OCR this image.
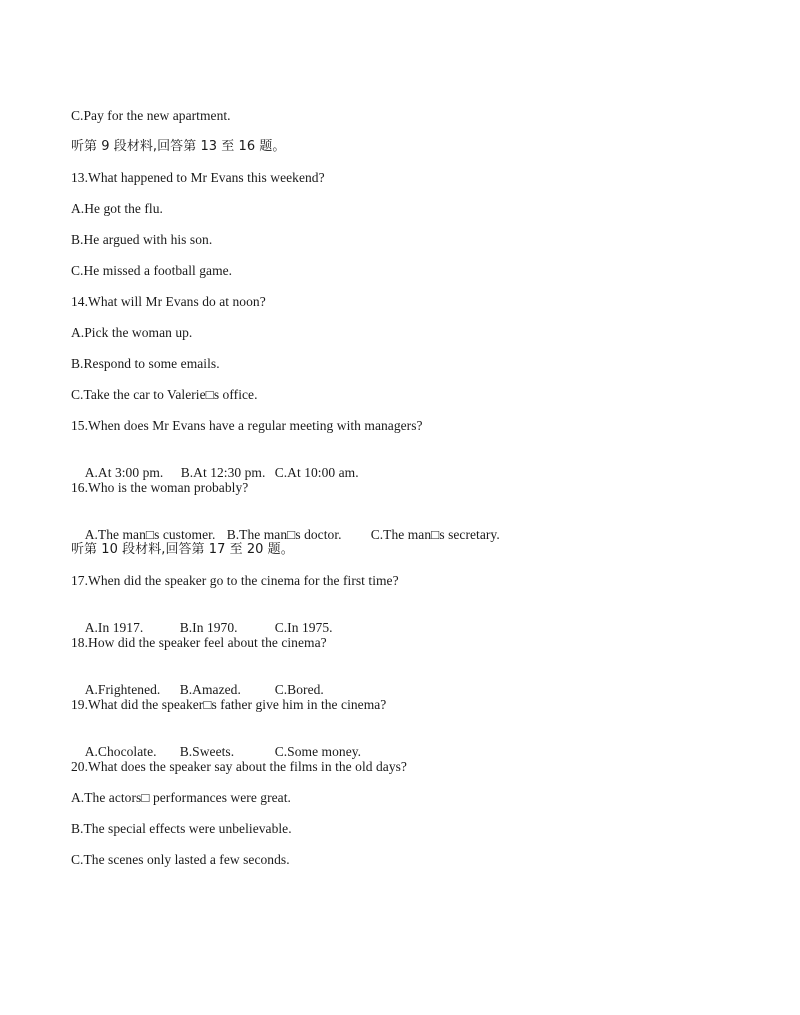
C.Pay for the new apartment.
听第 9 段材料,回答第 13 至 16 题。
13.What happened to Mr Evans this weekend?
A.He got the flu.
B.He argued with his son.
C.He missed a football game.
14.What will Mr Evans do at noon?
A.Pick the woman up.
B.Respond to some emails.
C.Take the car to Valerie□s office.
15.When does Mr Evans have a regular meeting with managers?

A.At 3:00 pm. B.At 12:30 pm. C.At 10:00 am.

16.Who is the woman probably?

A.The man□s customer. B.The man□s doctor. C.The man□s secretary.

听第 10 段材料,回答第 17 至 20 题。
17.When did the speaker go to the cinema for the first time?

A.In 1917.	B.In 1970.	C.In 1975.

18.How did the speaker feel about the cinema?

A.Frightened. B.Amazed.	C.Bored.

19.What did the speaker□s father give him in the cinema?

A.Chocolate. B.Sweets.	C.Some money.

20.What does the speaker say about the films in the old days?
A.The actors□ performances were great.
B.The special effects were unbelievable.
C.The scenes only lasted a few seconds.
